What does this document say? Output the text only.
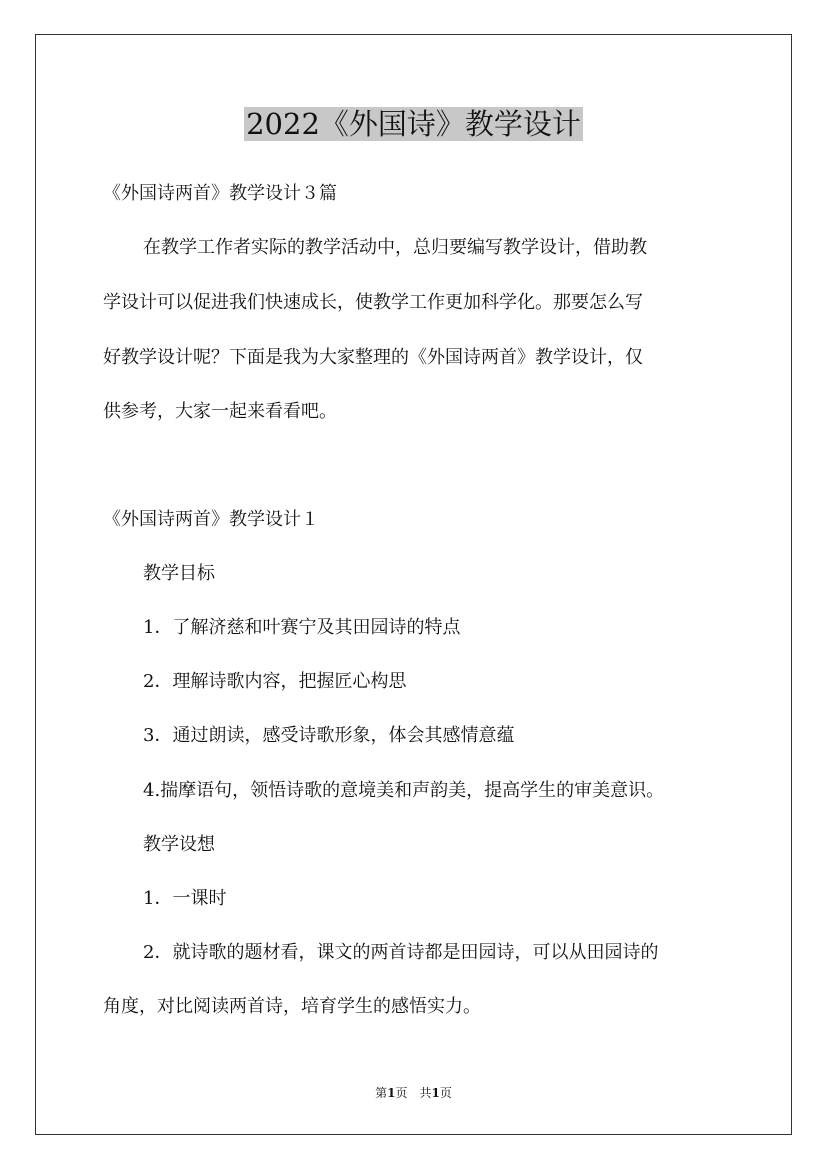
2022《外国诗》教学设计
《外国诗两首》教学设计３篇
在教学工作者实际的教学活动中，总归要编写教学设计，借助教
学设计可以促进我们快速成长，使教学工作更加科学化。那要怎么写
好教学设计呢？下面是我为大家整理的《外国诗两首》教学设计，仅
供参考，大家一起来看看吧。
《外国诗两首》教学设计１
教学目标
1．了解济慈和叶赛宁及其田园诗的特点
2．理解诗歌内容，把握匠心构思
3．通过朗读，感受诗歌形象，体会其感情意蕴
4.揣摩语句，领悟诗歌的意境美和声韵美，提高学生的审美意识。
教学设想
1．一课时
2．就诗歌的题材看，课文的两首诗都是田园诗，可以从田园诗的
角度，对比阅读两首诗，培育学生的感悟实力。
第1页　共1页
